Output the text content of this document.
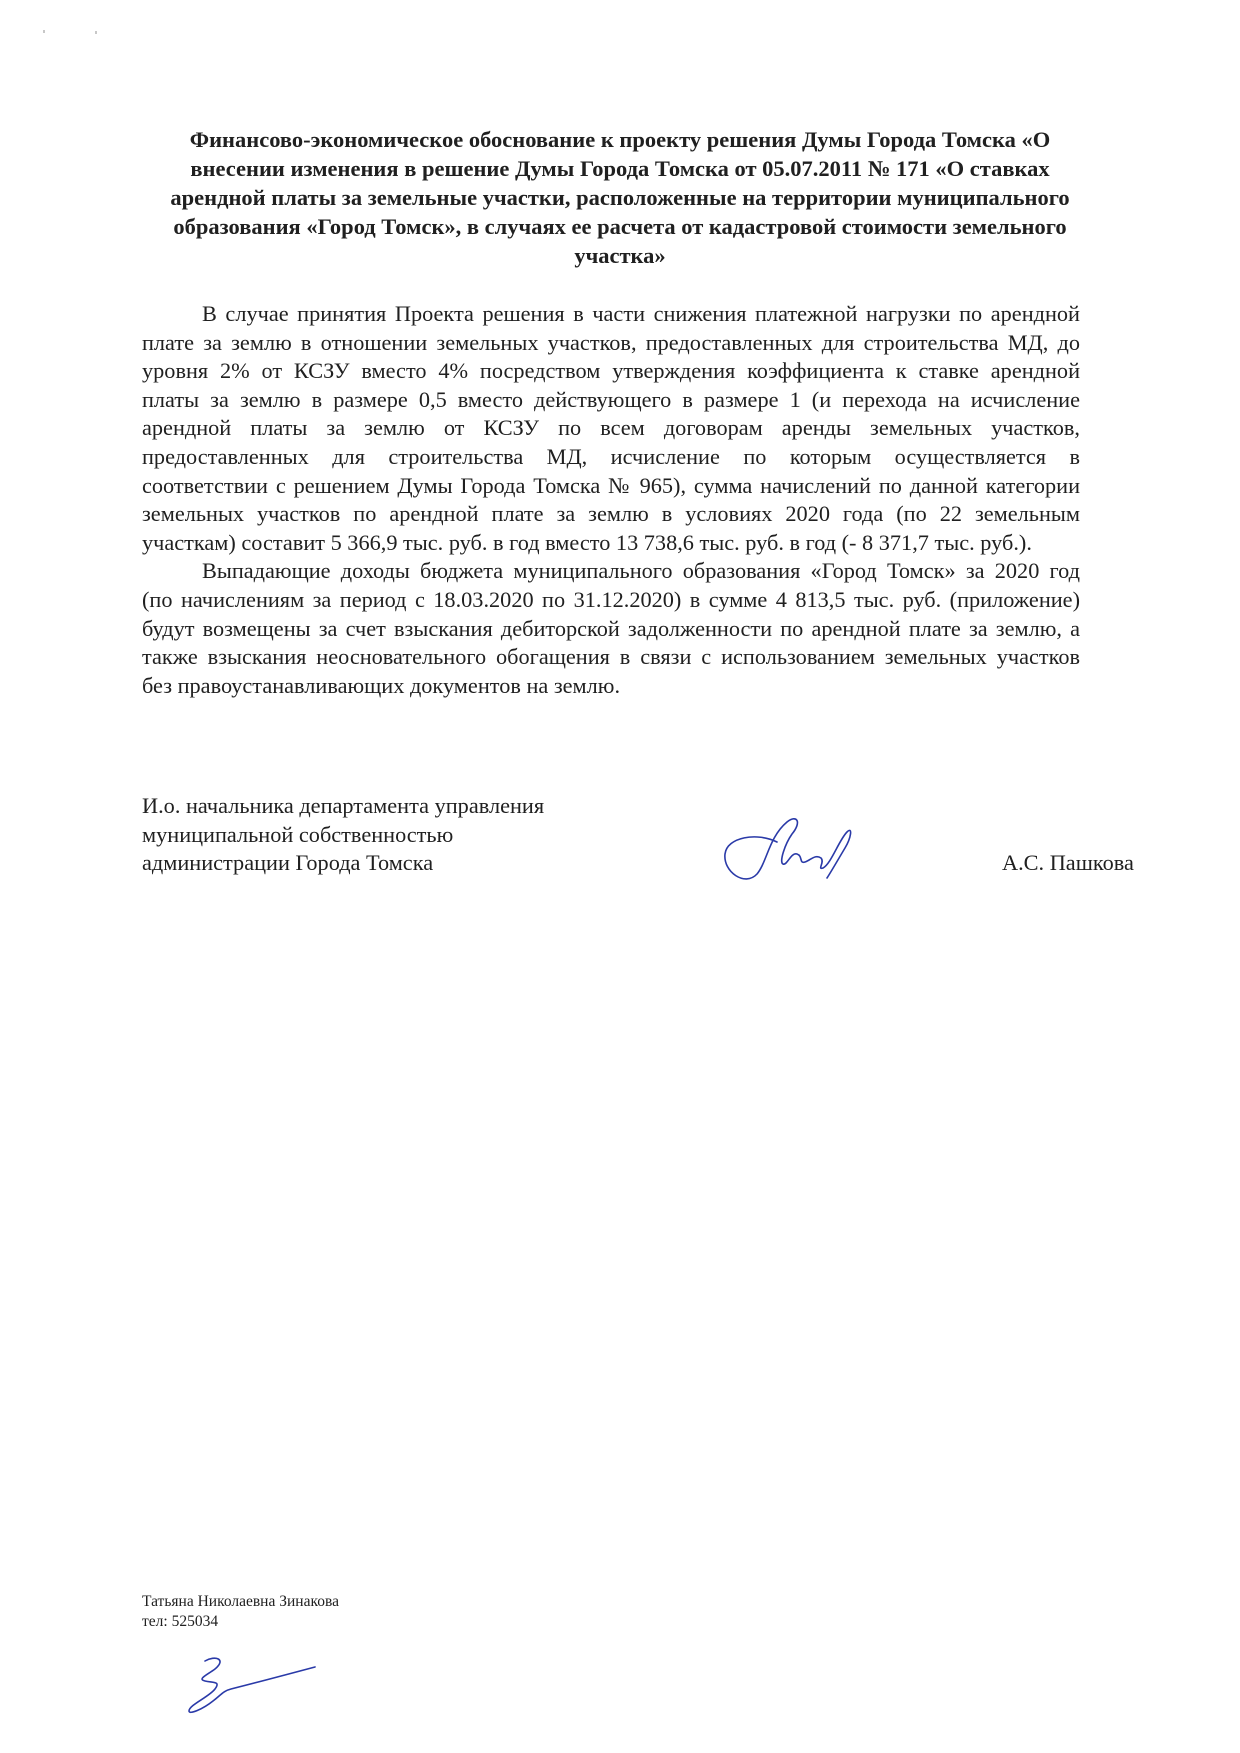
Финансово-экономическое обоснование к проекту решения Думы Города Томска «О
внесении изменения в решение Думы Города Томска от 05.07.2011 № 171 «О ставках
арендной платы за земельные участки, расположенные на территории муниципального
образования «Город Томск», в случаях ее расчета от кадастровой стоимости земельного
участка»
В случае принятия Проекта решения в части снижения платежной нагрузки по арендной
плате за землю в отношении земельных участков, предоставленных для строительства МД, до
уровня 2% от КСЗУ вместо 4% посредством утверждения коэффициента к ставке арендной
платы за землю в размере 0,5 вместо действующего в размере 1 (и перехода на исчисление
арендной платы за землю от КСЗУ по всем договорам аренды земельных участков,
предоставленных для строительства МД, исчисление по которым осуществляется в
соответствии с решением Думы Города Томска № 965), сумма начислений по данной категории
земельных участков по арендной плате за землю в условиях 2020 года (по 22 земельным
участкам) составит 5 366,9 тыс. руб. в год вместо 13 738,6 тыс. руб. в год (- 8 371,7 тыс. руб.).
Выпадающие доходы бюджета муниципального образования «Город Томск» за 2020 год
(по начислениям за период с 18.03.2020 по 31.12.2020) в сумме 4 813,5 тыс. руб. (приложение)
будут возмещены за счет взыскания дебиторской задолженности по арендной плате за землю, а
также взыскания неосновательного обогащения в связи с использованием земельных участков
без правоустанавливающих документов на землю.
И.о. начальника департамента управления
муниципальной собственностью
администрации Города Томска	А.С. Пашкова
Татьяна Николаевна Зинакова
тел: 525034
